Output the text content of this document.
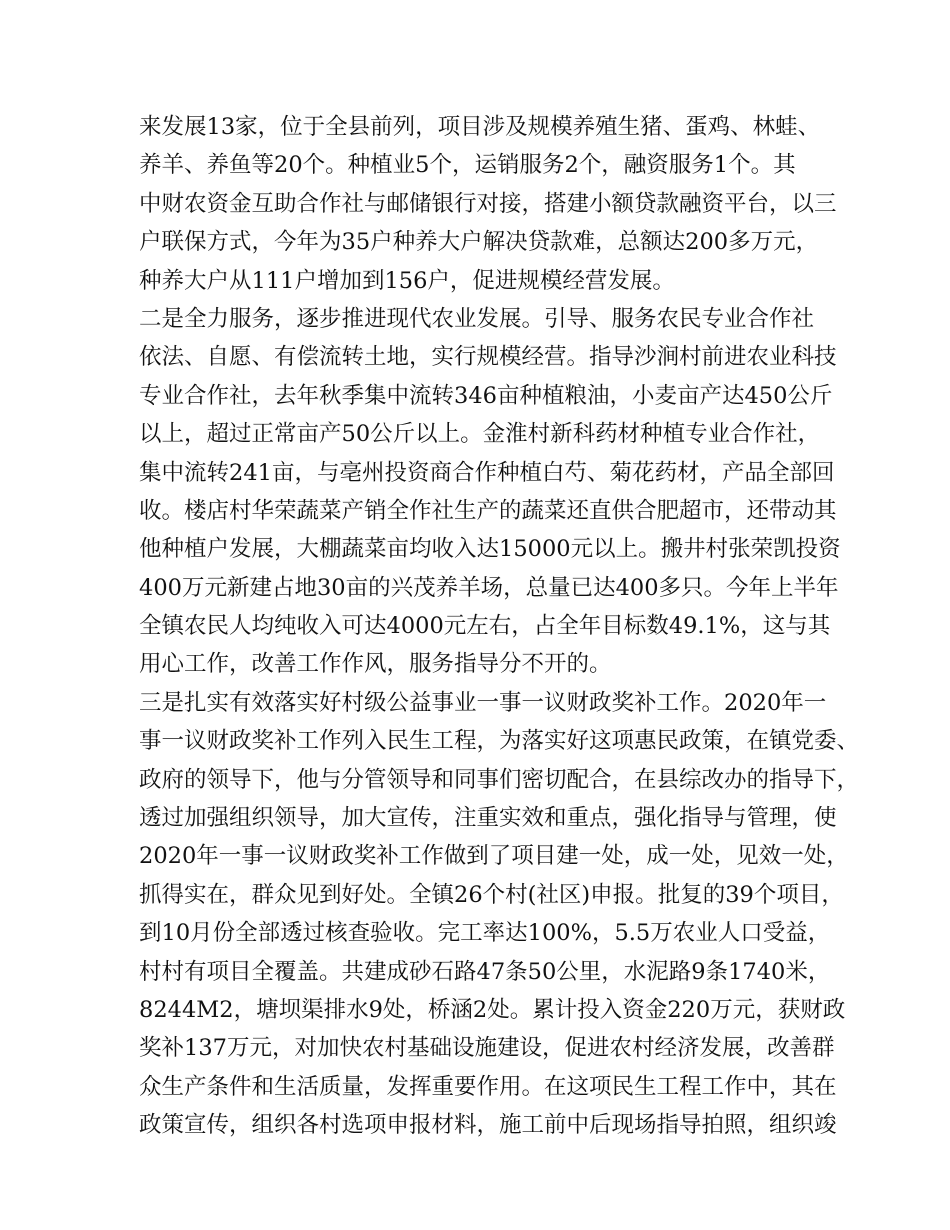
来发展13家，位于全县前列，项目涉及规模养殖生猪、蛋鸡、林蛙、
养羊、养鱼等20个。种植业5个，运销服务2个，融资服务1个。其
中财农资金互助合作社与邮储银行对接，搭建小额贷款融资平台，以三
户联保方式，今年为35户种养大户解决贷款难，总额达200多万元，
种养大户从111户增加到156户，促进规模经营发展。
二是全力服务，逐步推进现代农业发展。引导、服务农民专业合作社
依法、自愿、有偿流转土地，实行规模经营。指导沙涧村前进农业科技
专业合作社，去年秋季集中流转346亩种植粮油，小麦亩产达450公斤
以上，超过正常亩产50公斤以上。金淮村新科药材种植专业合作社，
集中流转241亩，与亳州投资商合作种植白芍、菊花药材，产品全部回
收。楼店村华荣蔬菜产销全作社生产的蔬菜还直供合肥超市，还带动其
他种植户发展，大棚蔬菜亩均收入达15000元以上。搬井村张荣凯投资
400万元新建占地30亩的兴茂养羊场，总量已达400多只。今年上半年
全镇农民人均纯收入可达4000元左右，占全年目标数49.1%，这与其
用心工作，改善工作作风，服务指导分不开的。
三是扎实有效落实好村级公益事业一事一议财政奖补工作。2020年一
事一议财政奖补工作列入民生工程，为落实好这项惠民政策，在镇党委、
政府的领导下，他与分管领导和同事们密切配合，在县综改办的指导下，
透过加强组织领导，加大宣传，注重实效和重点，强化指导与管理，使
2020年一事一议财政奖补工作做到了项目建一处，成一处，见效一处，
抓得实在，群众见到好处。全镇26个村(社区)申报。批复的39个项目，
到10月份全部透过核查验收。完工率达100%，5.5万农业人口受益，
村村有项目全覆盖。共建成砂石路47条50公里，水泥路9条1740米，
8244M2，塘坝渠排水9处，桥涵2处。累计投入资金220万元，获财政
奖补137万元，对加快农村基础设施建设，促进农村经济发展，改善群
众生产条件和生活质量，发挥重要作用。在这项民生工程工作中，其在
政策宣传，组织各村选项申报材料，施工前中后现场指导拍照，组织竣
